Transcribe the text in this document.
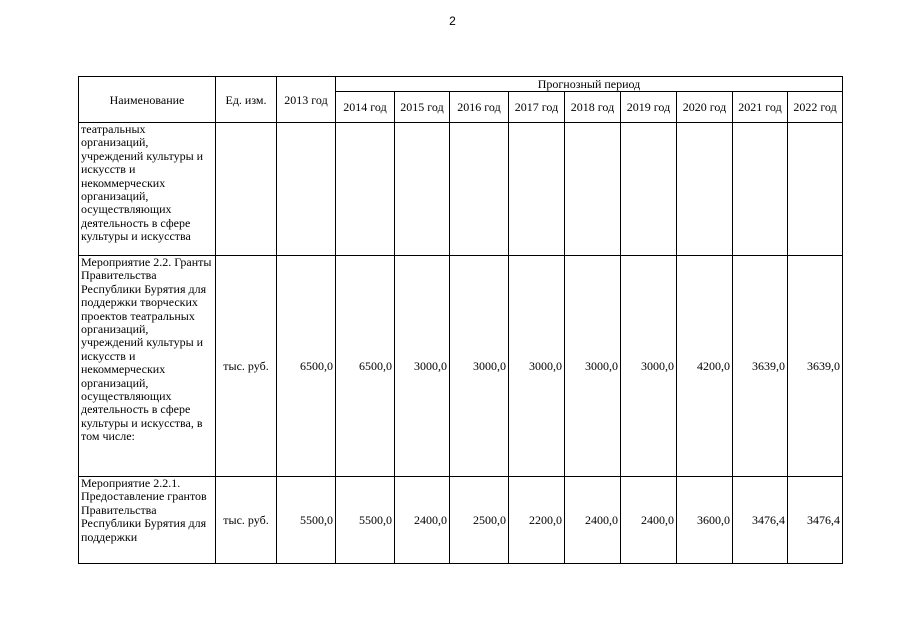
2
Наименование	Ед. изм.	2013 год	Прогнозный период								
			2014 год	2015 год	2016 год	2017 год	2018 год	2019 год	2020 год	2021 год	2022 год
театральных организаций, учреждений культуры и искусств и некоммерческих организаций, осуществляющих деятельность в сфере культуры и искусства											
Мероприятие 2.2. Гранты Правительства Республики Бурятия для поддержки творческих проектов театральных организаций, учреждений культуры и искусств и некоммерческих организаций, осуществляющих деятельность в сфере культуры и искусства, в том числе:	тыс. руб.	6500,0	6500,0	3000,0	3000,0	3000,0	3000,0	3000,0	4200,0	3639,0	3639,0
Мероприятие 2.2.1. Предоставление грантов Правительства Республики Бурятия для поддержки	тыс. руб.	5500,0	5500,0	2400,0	2500,0	2200,0	2400,0	2400,0	3600,0	3476,4	3476,4
